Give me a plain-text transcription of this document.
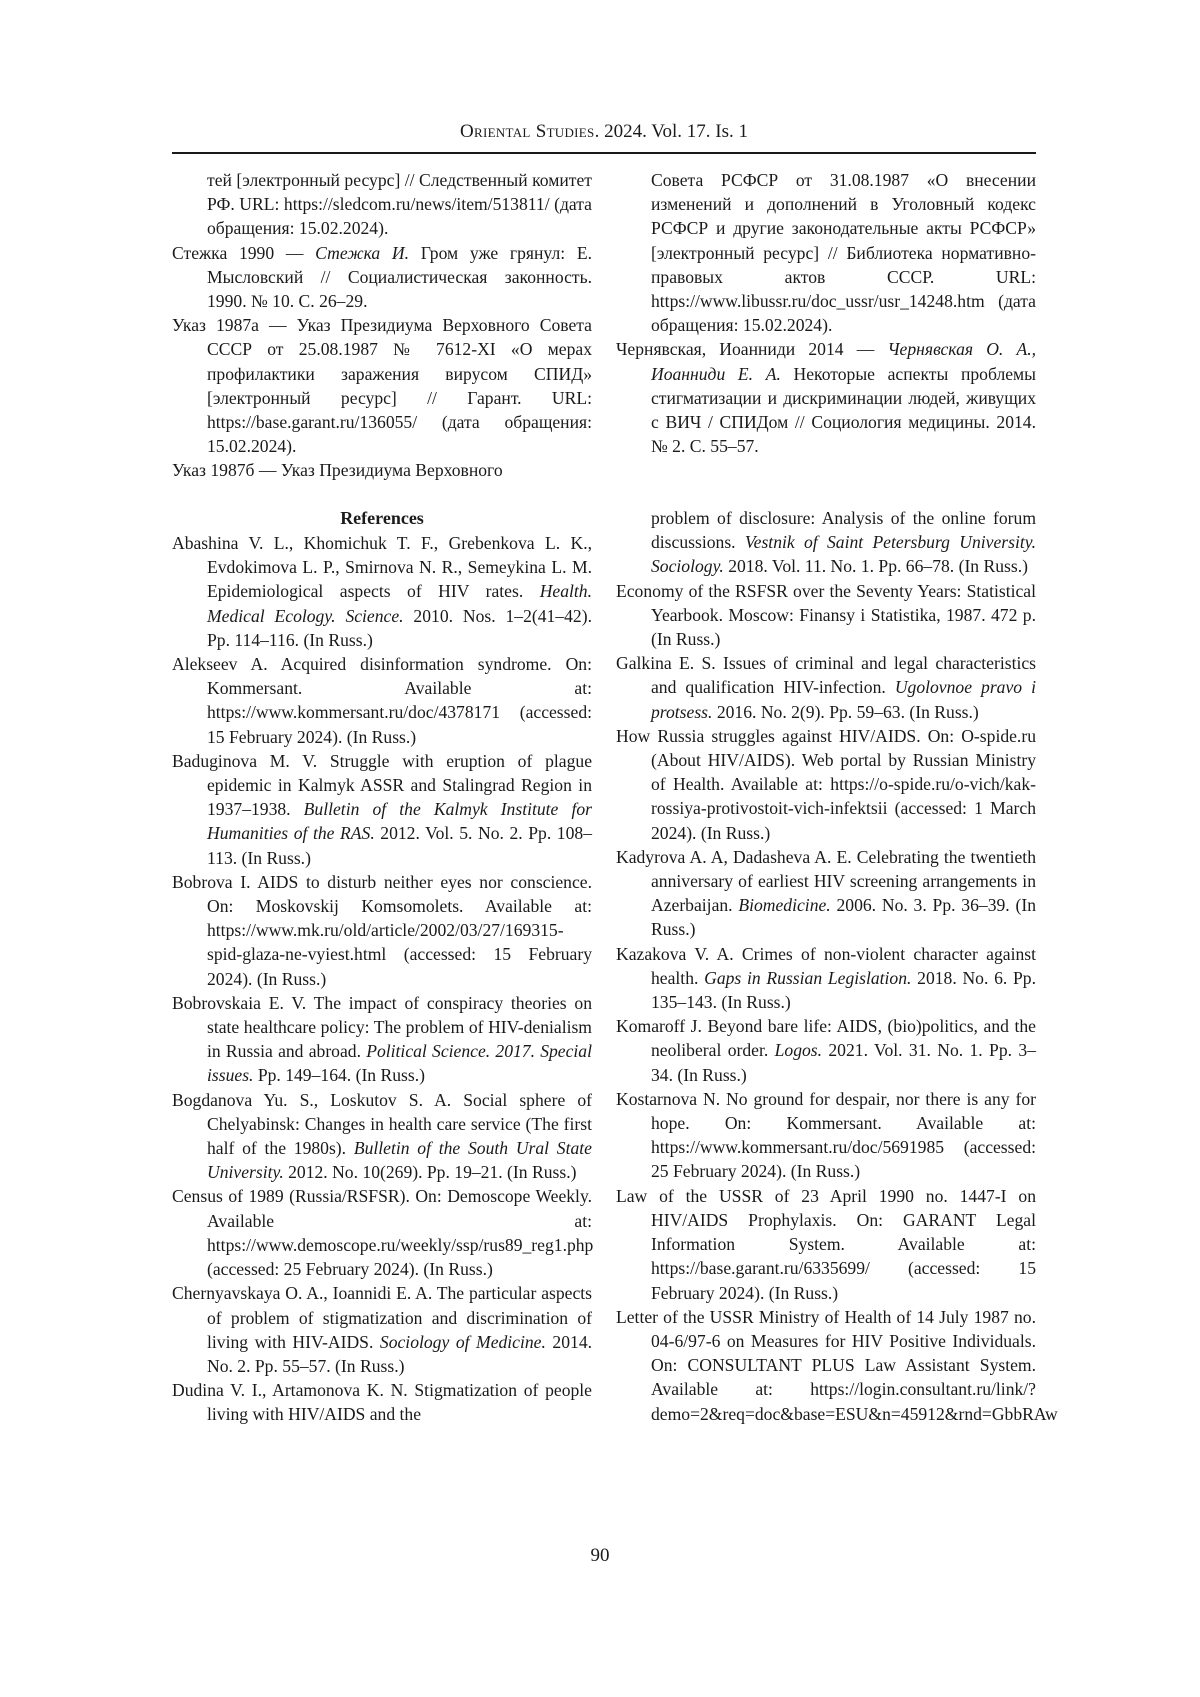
Oriental Studies. 2024. Vol. 17. Is. 1
тей [электронный ресурс] // Следственный комитет РФ. URL: https://sledcom.ru/news/item/513811/ (дата обращения: 15.02.2024).
Стежка 1990 — Стежка И. Гром уже грянул: Е. Мысловский // Социалистическая законность. 1990. № 10. С. 26–29.
Указ 1987а — Указ Президиума Верховного Совета СССР от 25.08.1987 № 7612-XI «О мерах профилактики заражения вирусом СПИД» [электронный ресурс] // Гарант. URL: https://base.garant.ru/136055/ (дата обращения: 15.02.2024).
Указ 1987б — Указ Президиума Верховного
Совета РСФСР от 31.08.1987 «О внесении изменений и дополнений в Уголовный кодекс РСФСР и другие законодательные акты РСФСР» [электронный ресурс] // Библиотека нормативно-правовых актов СССР. URL: https://www.libussr.ru/doc_ussr/usr_14248.htm (дата обращения: 15.02.2024).
Чернявская, Иоанниди 2014 — Чернявская О. А., Иоанниди Е. А. Некоторые аспекты проблемы стигматизации и дискриминации людей, живущих с ВИЧ / СПИДом // Социология медицины. 2014. № 2. С. 55–57.
References
Abashina V. L., Khomichuk T. F., Grebenkova L. K., Evdokimova L. P., Smirnova N. R., Semeykina L. M. Epidemiological aspects of HIV rates. Health. Medical Ecology. Science. 2010. Nos. 1–2(41–42). Pp. 114–116. (In Russ.)
Alekseev A. Acquired disinformation syndrome. On: Kommersant. Available at: https://www.kommersant.ru/doc/4378171 (accessed: 15 February 2024). (In Russ.)
Baduginova M. V. Struggle with eruption of plague epidemic in Kalmyk ASSR and Stalingrad Region in 1937–1938. Bulletin of the Kalmyk Institute for Humanities of the RAS. 2012. Vol. 5. No. 2. Pp. 108–113. (In Russ.)
Bobrova I. AIDS to disturb neither eyes nor conscience. On: Moskovskij Komsomolets. Available at: https://www.mk.ru/old/article/2002/03/27/169315-spid-glaza-ne-vyiest.html (accessed: 15 February 2024). (In Russ.)
Bobrovskaia E. V. The impact of conspiracy theories on state healthcare policy: The problem of HIV-denialism in Russia and abroad. Political Science. 2017. Special issues. Pp. 149–164. (In Russ.)
Bogdanova Yu. S., Loskutov S. A. Social sphere of Chelyabinsk: Changes in health care service (The first half of the 1980s). Bulletin of the South Ural State University. 2012. No. 10(269). Pp. 19–21. (In Russ.)
Census of 1989 (Russia/RSFSR). On: Demoscope Weekly. Available at: https://www.demoscope.ru/weekly/ssp/rus89_reg1.php (accessed: 25 February 2024). (In Russ.)
Chernyavskaya O. A., Ioannidi E. A. The particular aspects of problem of stigmatization and discrimination of living with HIV-AIDS. Sociology of Medicine. 2014. No. 2. Pp. 55–57. (In Russ.)
Dudina V. I., Artamonova K. N. Stigmatization of people living with HIV/AIDS and the
problem of disclosure: Analysis of the online forum discussions. Vestnik of Saint Petersburg University. Sociology. 2018. Vol. 11. No. 1. Pp. 66–78. (In Russ.)
Economy of the RSFSR over the Seventy Years: Statistical Yearbook. Moscow: Finansy i Statistika, 1987. 472 p. (In Russ.)
Galkina E. S. Issues of criminal and legal characteristics and qualification HIV-infection. Ugolovnoe pravo i protsess. 2016. No. 2(9). Pp. 59–63. (In Russ.)
How Russia struggles against HIV/AIDS. On: O-spide.ru (About HIV/AIDS). Web portal by Russian Ministry of Health. Available at: https://o-spide.ru/o-vich/kak-rossiya-protivostoit-vich-infektsii (accessed: 1 March 2024). (In Russ.)
Kadyrova A. A, Dadasheva A. E. Celebrating the twentieth anniversary of earliest HIV screening arrangements in Azerbaijan. Biomedicine. 2006. No. 3. Pp. 36–39. (In Russ.)
Kazakova V. A. Crimes of non-violent character against health. Gaps in Russian Legislation. 2018. No. 6. Pp. 135–143. (In Russ.)
Komaroff J. Beyond bare life: AIDS, (bio)politics, and the neoliberal order. Logos. 2021. Vol. 31. No. 1. Pp. 3–34. (In Russ.)
Kostarnova N. No ground for despair, nor there is any for hope. On: Kommersant. Available at: https://www.kommersant.ru/doc/5691985 (accessed: 25 February 2024). (In Russ.)
Law of the USSR of 23 April 1990 no. 1447-I on HIV/AIDS Prophylaxis. On: GARANT Legal Information System. Available at: https://base.garant.ru/6335699/ (accessed: 15 February 2024). (In Russ.)
Letter of the USSR Ministry of Health of 14 July 1987 no. 04-6/97-6 on Measures for HIV Positive Individuals. On: CONSULTANT PLUS Law Assistant System. Available at: https://login.consultant.ru/link/?demo=2&req=doc&base=ESU&n=45912&rnd=GbbRAw
90
